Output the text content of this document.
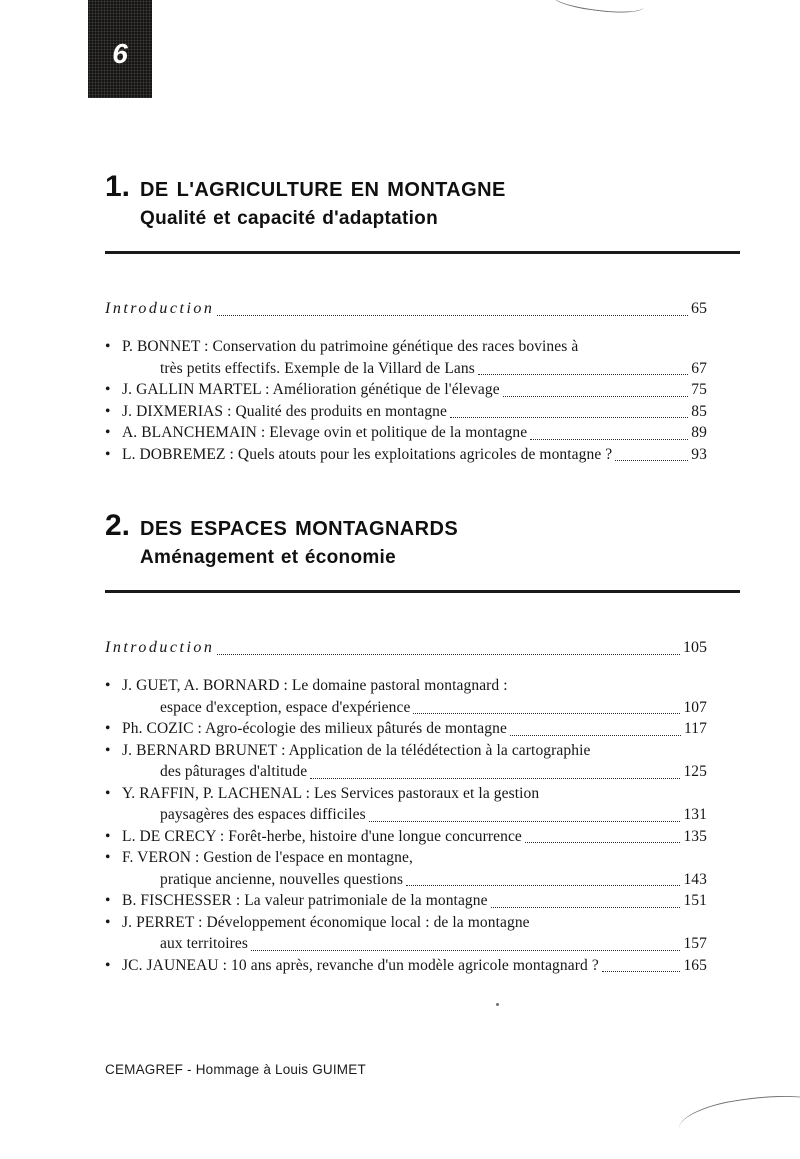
6
1. DE L'AGRICULTURE EN MONTAGNE
Qualité et capacité d'adaptation
Introduction	65
• P. BONNET : Conservation du patrimoine génétique des races bovines à
très petits effectifs. Exemple de la Villard de Lans	67
• J. GALLIN MARTEL : Amélioration génétique de l'élevage	75
• J. DIXMERIAS : Qualité des produits en montagne	85
• A. BLANCHEMAIN : Elevage ovin et politique de la montagne	89
• L. DOBREMEZ : Quels atouts pour les exploitations agricoles de montagne ?	93
2. DES ESPACES MONTAGNARDS
Aménagement et économie
Introduction	105
• J. GUET, A. BORNARD : Le domaine pastoral montagnard :
espace d'exception, espace d'expérience	107
• Ph. COZIC : Agro-écologie des milieux pâturés de montagne	117
• J. BERNARD BRUNET : Application de la télédétection à la cartographie
des pâturages d'altitude	125
• Y. RAFFIN, P. LACHENAL : Les Services pastoraux et la gestion
paysagères des espaces difficiles	131
• L. DE CRECY : Forêt-herbe, histoire d'une longue concurrence	135
• F. VERON : Gestion de l'espace en montagne,
pratique ancienne, nouvelles questions	143
• B. FISCHESSER : La valeur patrimoniale de la montagne	151
• J. PERRET : Développement économique local : de la montagne
aux territoires	157
• JC. JAUNEAU : 10 ans après, revanche d'un modèle agricole montagnard ?	165
CEMAGREF - Hommage à Louis GUIMET
